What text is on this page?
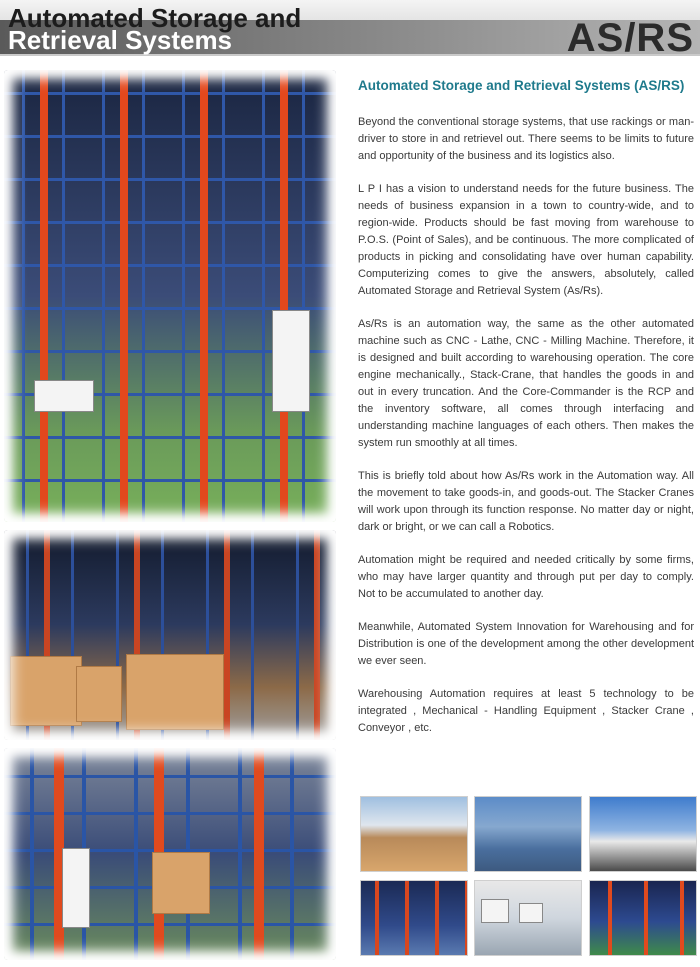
Automated Storage and
Retrieval Systems	AS/RS
Automated Storage and Retrieval Systems (AS/RS)

Beyond the conventional storage systems, that use rackings or man-driver to store in and retrievel out. There seems to be limits to future and opportunity of the business and its logistics also.

L P I has a vision to understand needs for the future business. The needs of business expansion in a town to country-wide, and to region-wide. Products should be fast moving from warehouse to P.O.S. (Point of Sales), and be continuous. The more complicated of products in picking and consolidating have over human capability. Computerizing comes to give the answers, absolutely, called Automated Storage and Retrieval System (As/Rs).

As/Rs is an automation way, the same as the other automated machine such as CNC - Lathe, CNC - Milling Machine. Therefore, it is designed and built according to warehousing operation. The core engine mechanically., Stack-Crane, that handles the goods in and out in every truncation. And the Core-Commander is the RCP and the inventory software, all comes through interfacing and understanding machine languages of each others. Then makes the system run smoothly at all times.

This is briefly told about how As/Rs work in the Automation way. All the movement to take goods-in, and goods-out. The Stacker Cranes will work upon through its function response. No matter day or night, dark or bright, or we can call a Robotics.

Automation might be required and needed critically by some firms, who may have larger quantity and through put per day to comply. Not to be accumulated to another day.

Meanwhile, Automated System Innovation for Warehousing and for Distribution is one of the development among the other development we ever seen.

Warehousing Automation requires at least 5 technology to be integrated , Mechanical - Handling Equipment , Stacker Crane , Conveyor , etc.
